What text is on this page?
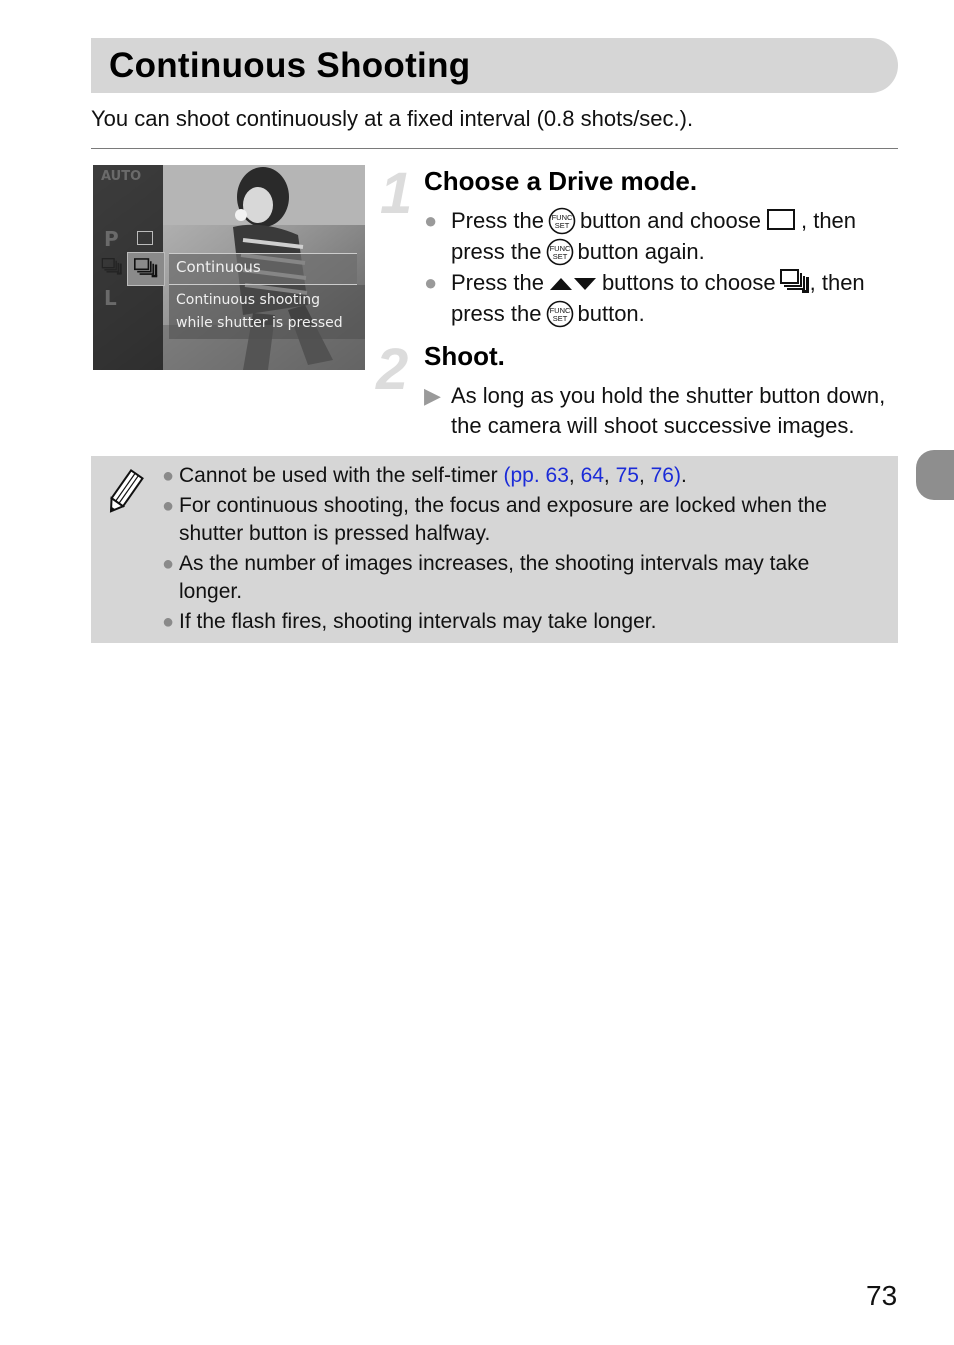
Continuous Shooting
You can shoot continuously at a fixed interval (0.8 shots/sec.).
AUTO
P
L
Continuous
Continuous shooting
while shutter is pressed
1 Choose a Drive mode.
● Press the button and choose , then
press the button again.
● Press the	buttons to choose , then
press the button.
2 Shoot.
▶ As long as you hold the shutter button down,
the camera will shoot successive images.
● Cannot be used with the self-timer (pp. 63, 64, 75, 76).
● For continuous shooting, the focus and exposure are locked when the
shutter button is pressed halfway.
● As the number of images increases, the shooting intervals may take
longer.
● If the flash fires, shooting intervals may take longer.
73
